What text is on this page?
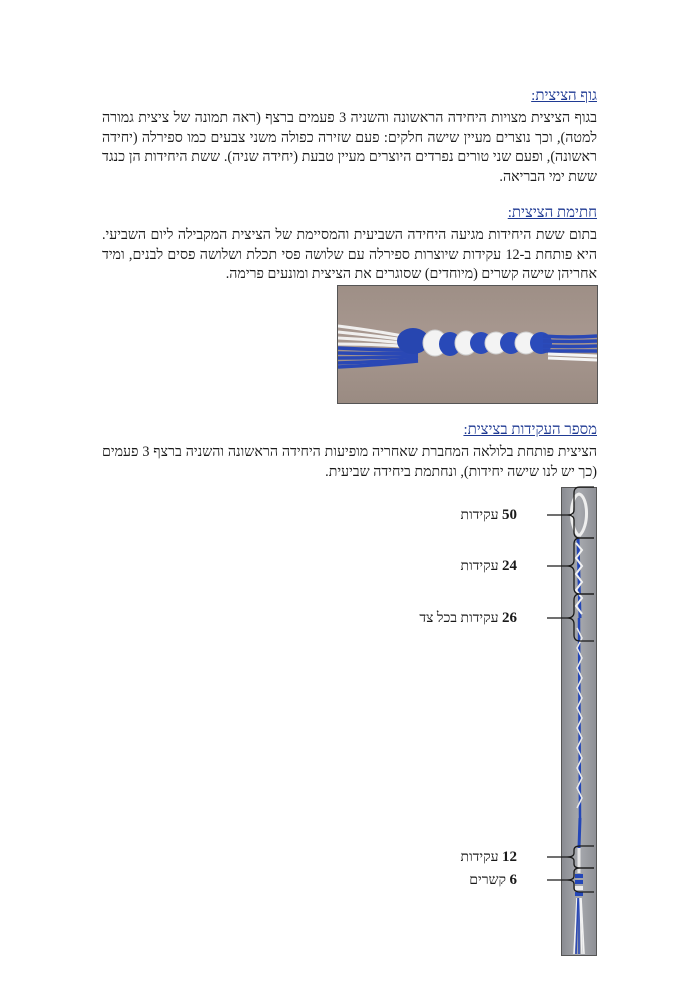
גוף הציצית:

בגוף הציצית מצויות היחידה הראשונה והשניה 3 פעמים ברצף (ראה תמונה של ציצית גמורה למטה), וכך נוצרים מעיין שישה חלקים: פעם שזירה כפולה משני צבעים כמו ספירלה (יחידה ראשונה), ופעם שני טורים נפרדים היוצרים מעיין טבעת (יחידה שניה). ששת היחידות הן כנגד ששת ימי הבריאה.

חתימת הציצית:

בתום ששת היחידות מגיעה היחידה השביעית והמסיימת של הציצית המקבילה ליום השביעי. היא פותחת ב-12 עקידות שיוצרות ספירלה עם שלושה פסי תכלת ושלושה פסים לבנים, ומיד אחריהן שישה קשרים (מיוחדים) שסוגרים את הציצית ומונעים פרימה.

מספר העקידות בציצית:

הציצית פותחת בלולאה המחברת שאחריה מופיעות היחידה הראשונה והשניה ברצף 3 פעמים (כך יש לנו שישה יחידות), ונחתמת ביחידה שביעית.

50 עקידות
24 עקידות
26 עקידות בכל צד
12 עקידות
6 קשרים
